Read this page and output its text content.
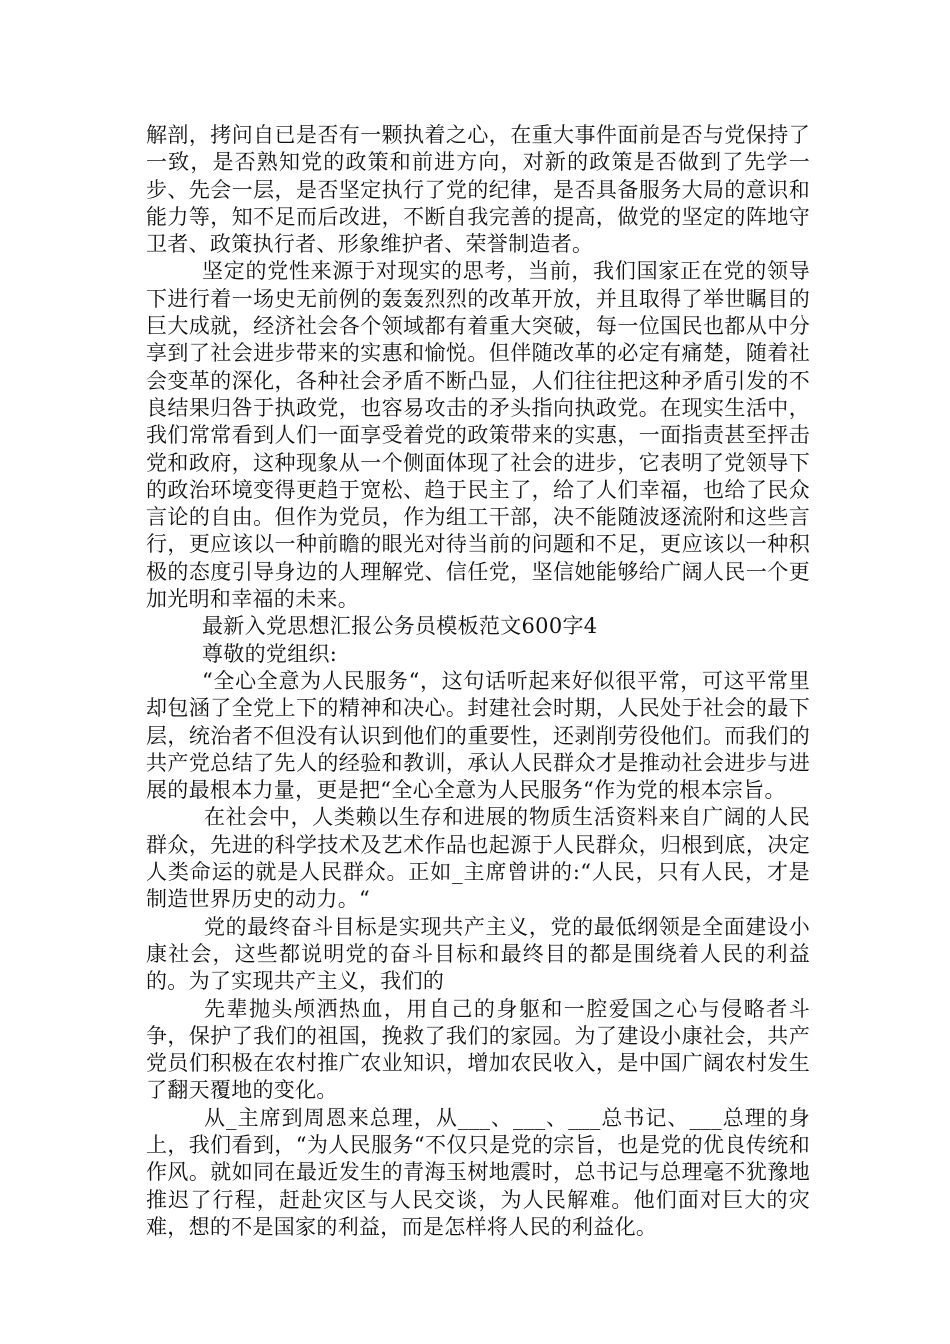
解剖，拷问自已是否有一颗执着之心，在重大事件面前是否与党保持了一致，是否熟知党的政策和前进方向，对新的政策是否做到了先学一步、先会一层，是否坚定执行了党的纪律，是否具备服务大局的意识和能力等，知不足而后改进，不断自我完善的提高，做党的坚定的阵地守卫者、政策执行者、形象维护者、荣誉制造者。

坚定的党性来源于对现实的思考，当前，我们国家正在党的领导下进行着一场史无前例的轰轰烈烈的改革开放，并且取得了举世瞩目的巨大成就，经济社会各个领域都有着重大突破，每一位国民也都从中分享到了社会进步带来的实惠和愉悦。但伴随改革的必定有痛楚，随着社会变革的深化，各种社会矛盾不断凸显，人们往往把这种矛盾引发的不良结果归咎于执政党，也容易攻击的矛头指向执政党。在现实生活中，我们常常看到人们一面享受着党的政策带来的实惠，一面指责甚至抨击党和政府，这种现象从一个侧面体现了社会的进步，它表明了党领导下的政治环境变得更趋于宽松、趋于民主了，给了人们幸福，也给了民众言论的自由。但作为党员，作为组工干部，决不能随波逐流附和这些言行，更应该以一种前瞻的眼光对待当前的问题和不足，更应该以一种积极的态度引导身边的人理解党、信任党，坚信她能够给广阔人民一个更加光明和幸福的未来。

最新入党思想汇报公务员模板范文600字4

尊敬的党组织:

“全心全意为人民服务“，这句话听起来好似很平常，可这平常里却包涵了全党上下的精神和决心。封建社会时期，人民处于社会的最下层，统治者不但没有认识到他们的重要性，还剥削劳役他们。而我们的共产党总结了先人的经验和教训，承认人民群众才是推动社会进步与进展的最根本力量，更是把“全心全意为人民服务“作为党的根本宗旨。

在社会中，人类赖以生存和进展的物质生活资料来自广阔的人民群众，先进的科学技术及艺术作品也起源于人民群众，归根到底，决定人类命运的就是人民群众。正如_主席曾讲的:“人民，只有人民，才是制造世界历史的动力。“

党的最终奋斗目标是实现共产主义，党的最低纲领是全面建设小康社会，这些都说明党的奋斗目标和最终目的都是围绕着人民的利益的。为了实现共产主义，我们的

先辈抛头颅洒热血，用自己的身躯和一腔爱国之心与侵略者斗争，保护了我们的祖国，挽救了我们的家园。为了建设小康社会，共产党员们积极在农村推广农业知识，增加农民收入，是中国广阔农村发生了翻天覆地的变化。

从_主席到周恩来总理，从___、___、___总书记、___总理的身上，我们看到，“为人民服务“不仅只是党的宗旨，也是党的优良传统和作风。就如同在最近发生的青海玉树地震时，总书记与总理毫不犹豫地推迟了行程，赶赴灾区与人民交谈，为人民解难。他们面对巨大的灾难，想的不是国家的利益，而是怎样将人民的利益化。
